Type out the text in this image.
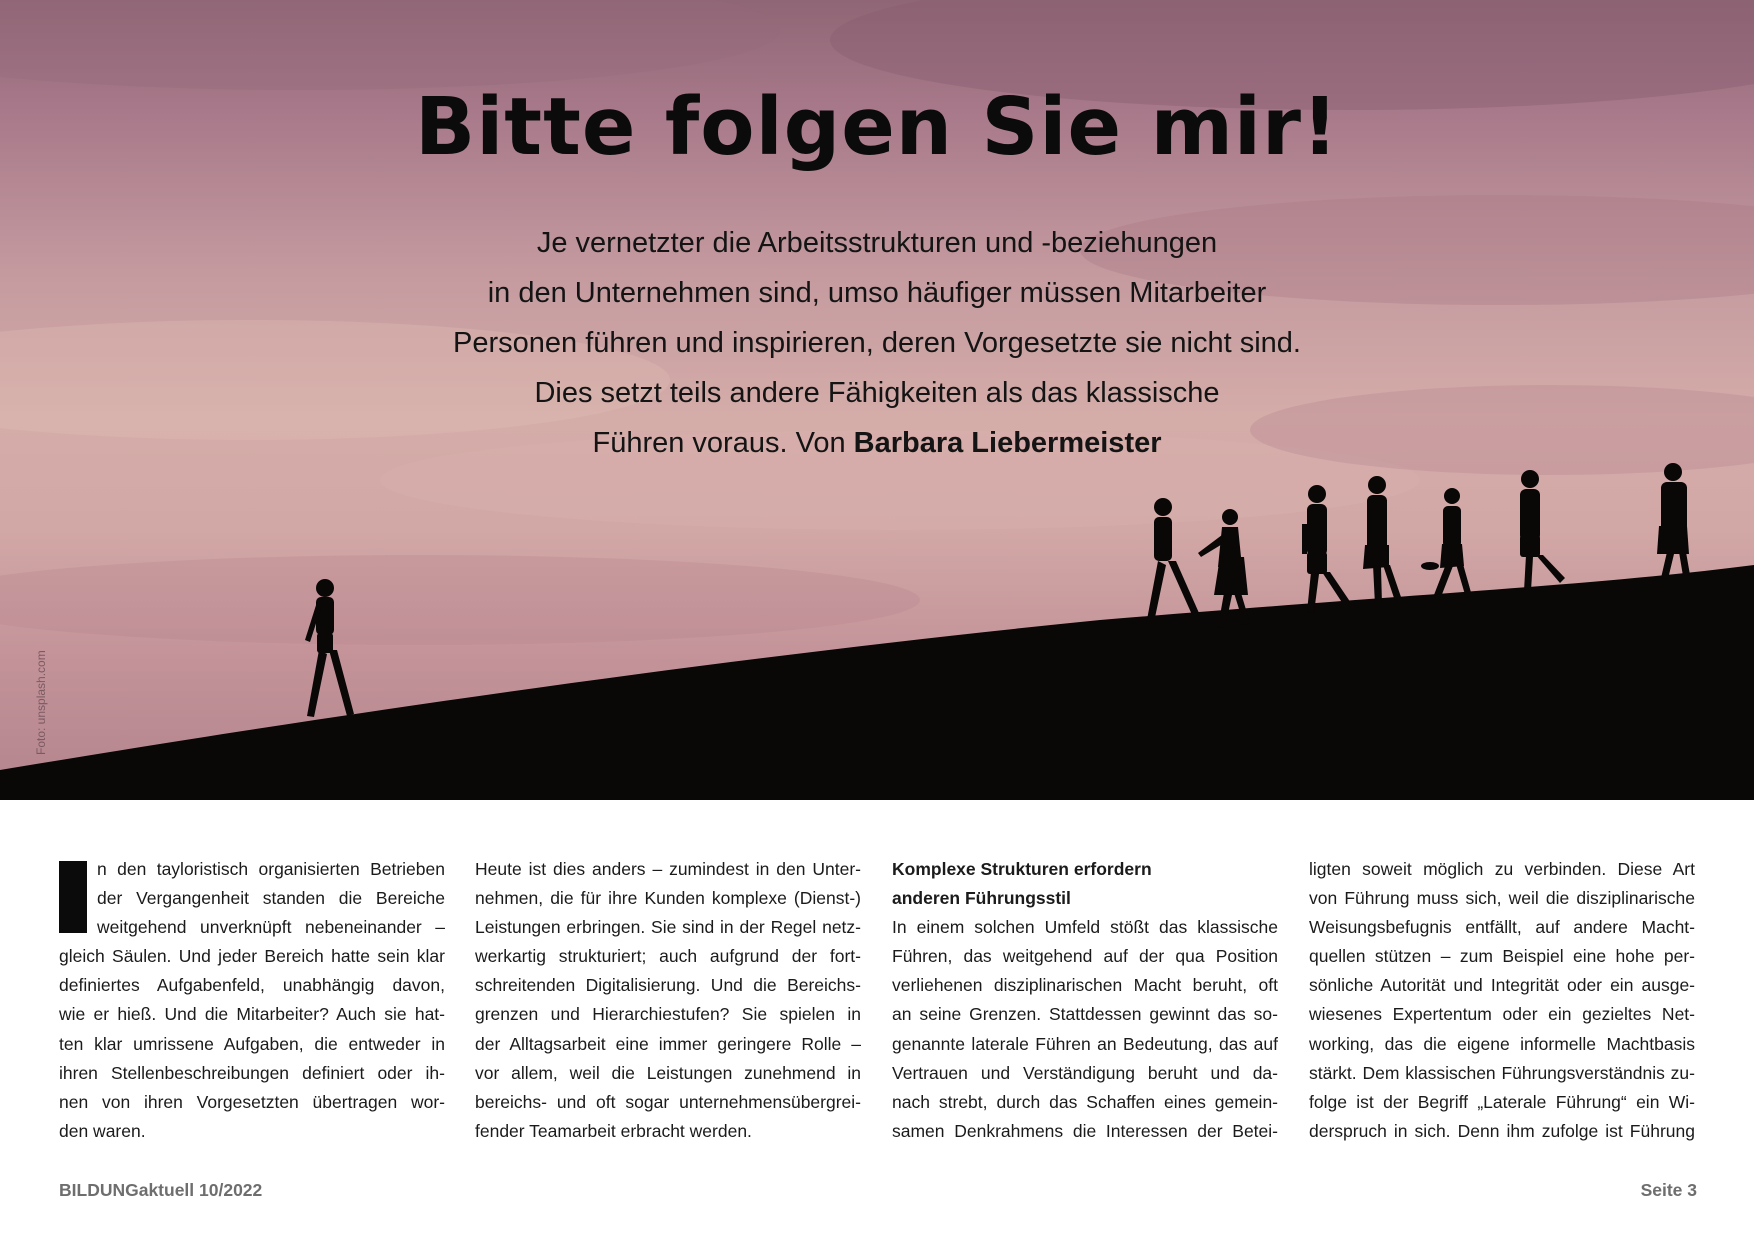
Foto: unsplash.com
Bitte folgen Sie mir!

Je vernetzter die Arbeitsstrukturen und -beziehungen
in den Unternehmen sind, umso häufiger müssen Mitarbeiter
Personen führen und inspirieren, deren Vorgesetzte sie nicht sind.
Dies setzt teils andere Fähigkeiten als das klassische
Führen voraus. Von Barbara Liebermeister

n den tayloristisch organisierten Betrieben
der Vergangenheit standen die Bereiche
weitgehend unverknüpft nebeneinander –
gleich Säulen. Und jeder Bereich hatte sein klar
definiertes Aufgabenfeld, unabhängig davon,
wie er hieß. Und die Mitarbeiter? Auch sie hat-
ten klar umrissene Aufgaben, die entweder in
ihren Stellenbeschreibungen definiert oder ih-
nen von ihren Vorgesetzten übertragen wor-
den waren.
Heute ist dies anders – zumindest in den Unter-
nehmen, die für ihre Kunden komplexe (Dienst-)
Leistungen erbringen. Sie sind in der Regel netz-
werkartig strukturiert; auch aufgrund der fort-
schreitenden Digitalisierung. Und die Bereichs-
grenzen und Hierarchiestufen? Sie spielen in
der Alltagsarbeit eine immer geringere Rolle –
vor allem, weil die Leistungen zunehmend in
bereichs- und oft sogar unternehmensübergrei-
fender Teamarbeit erbracht werden.
Komplexe Strukturen erfordern
anderen Führungsstil
In einem solchen Umfeld stößt das klassische
Führen, das weitgehend auf der qua Position
verliehenen disziplinarischen Macht beruht, oft
an seine Grenzen. Stattdessen gewinnt das so-
genannte laterale Führen an Bedeutung, das auf
Vertrauen und Verständigung beruht und da-
nach strebt, durch das Schaffen eines gemein-
samen Denkrahmens die Interessen der Betei-
ligten soweit möglich zu verbinden. Diese Art
von Führung muss sich, weil die disziplinarische
Weisungsbefugnis entfällt, auf andere Macht-
quellen stützen – zum Beispiel eine hohe per-
sönliche Autorität und Integrität oder ein ausge-
wiesenes Expertentum oder ein gezieltes Net-
working, das die eigene informelle Machtbasis
stärkt. Dem klassischen Führungsverständnis zu-
folge ist der Begriff „Laterale Führung“ ein Wi-
derspruch in sich. Denn ihm zufolge ist Führung

BILDUNGaktuell 10/2022	Seite 3
